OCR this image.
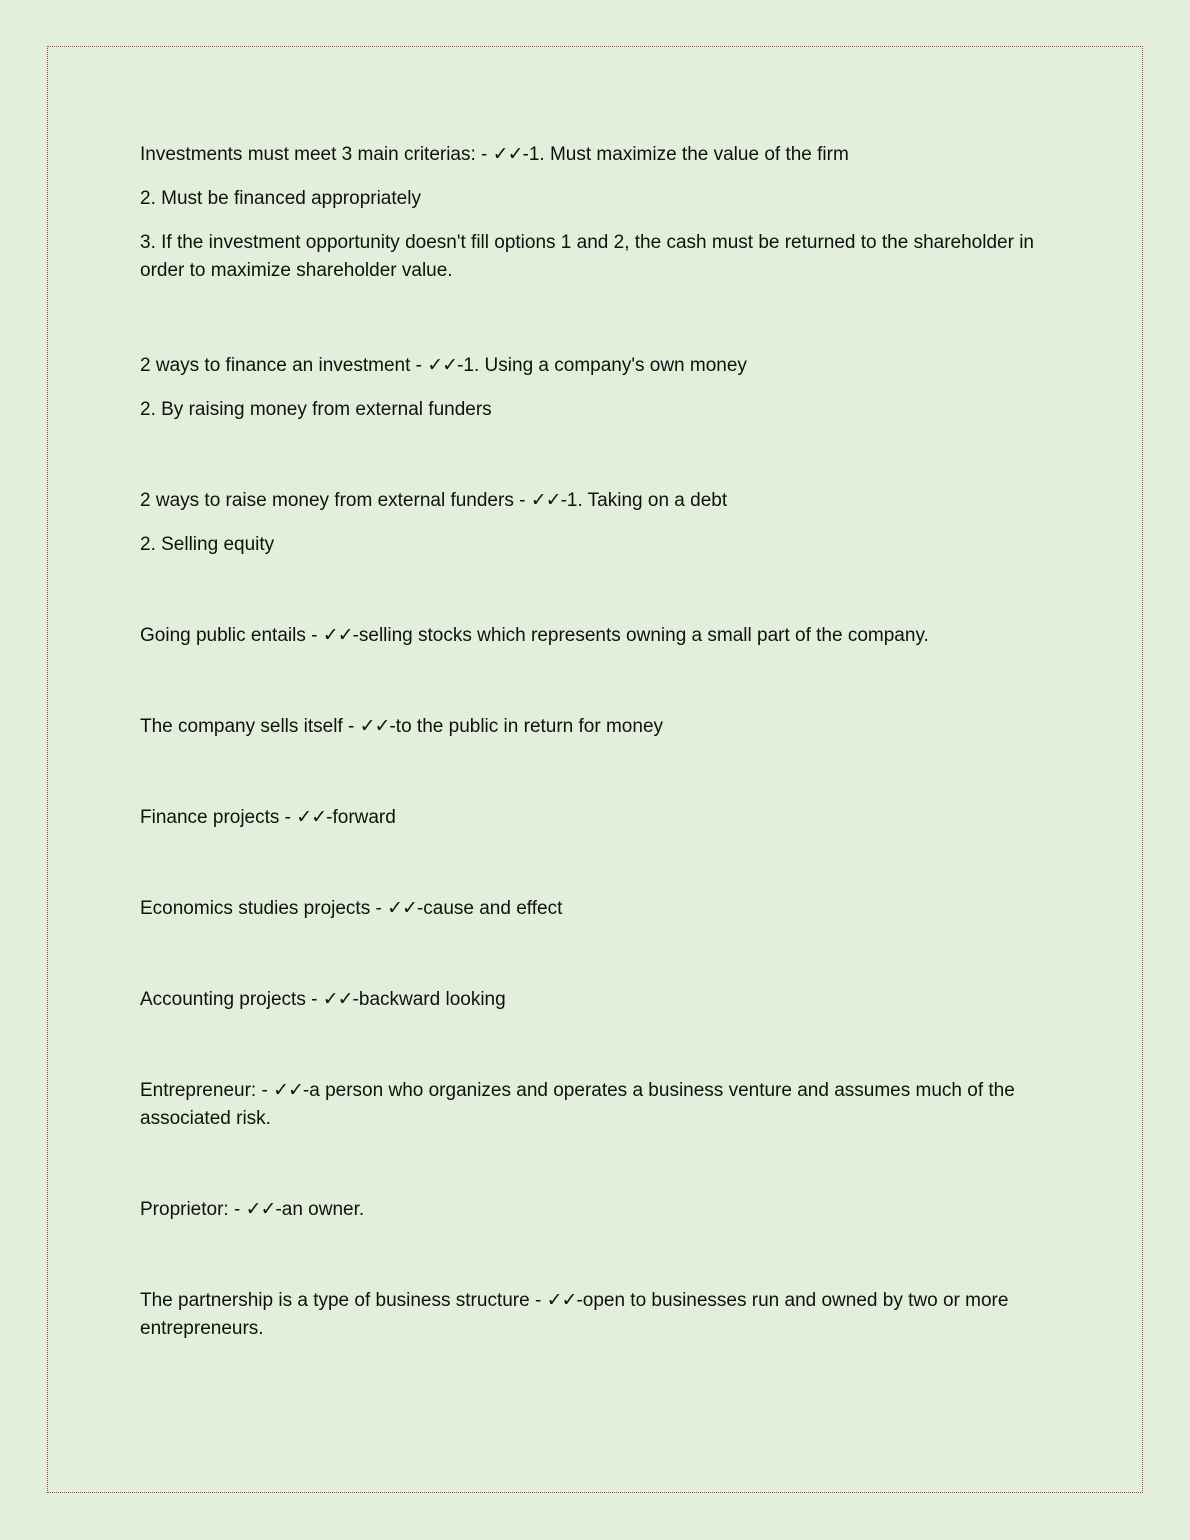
Investments must meet 3 main criterias: - ✓✓-1. Must maximize the value of the firm

2. Must be financed appropriately

3. If the investment opportunity doesn't fill options 1 and 2, the cash must be returned to the shareholder in order to maximize shareholder value.

2 ways to finance an investment - ✓✓-1. Using a company's own money

2. By raising money from external funders

2 ways to raise money from external funders - ✓✓-1. Taking on a debt

2. Selling equity

Going public entails - ✓✓-selling stocks which represents owning a small part of the company.

The company sells itself - ✓✓-to the public in return for money

Finance projects - ✓✓-forward

Economics studies projects - ✓✓-cause and effect

Accounting projects - ✓✓-backward looking

Entrepreneur: - ✓✓-a person who organizes and operates a business venture and assumes much of the associated risk.

Proprietor: - ✓✓-an owner.

The partnership is a type of business structure - ✓✓-open to businesses run and owned by two or more entrepreneurs.
